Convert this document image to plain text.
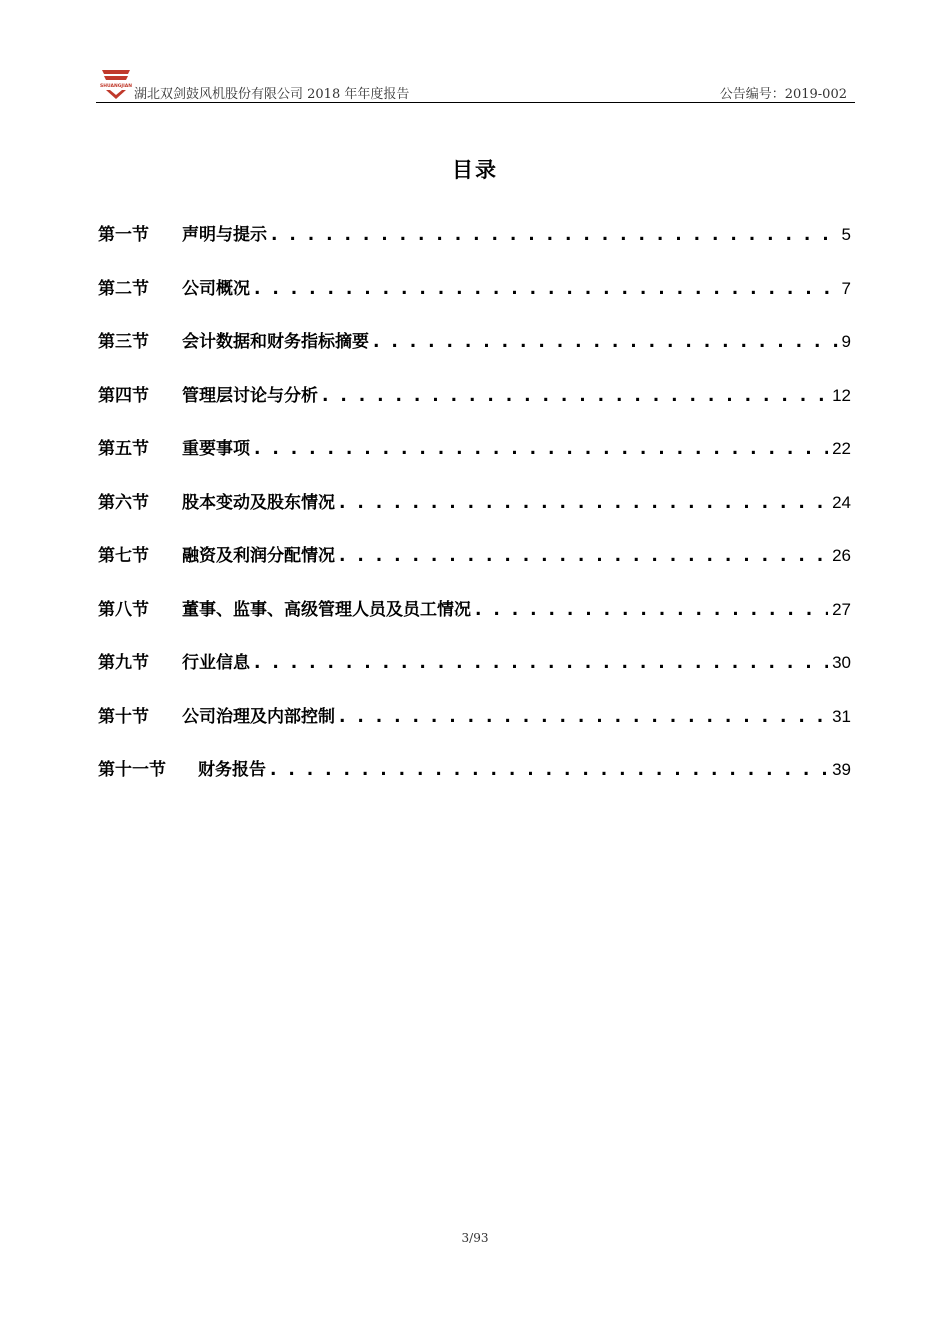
SHUANGJIAN
湖北双剑鼓风机股份有限公司 2018 年年度报告	公告编号：2019-002
目录
第一节	声明与提示 . . .	5
第二节	公司概况 . . .	7
第三节	会计数据和财务指标摘要 . . .	9
第四节	管理层讨论与分析 . . .	12
第五节	重要事项 . . .	22
第六节	股本变动及股东情况 . . .	24
第七节	融资及利润分配情况 . . .	26
第八节	董事、监事、高级管理人员及员工情况 . . .	27
第九节	行业信息 . . .	30
第十节	公司治理及内部控制 . . .	31
第十一节	财务报告 . . .	39
3/93
